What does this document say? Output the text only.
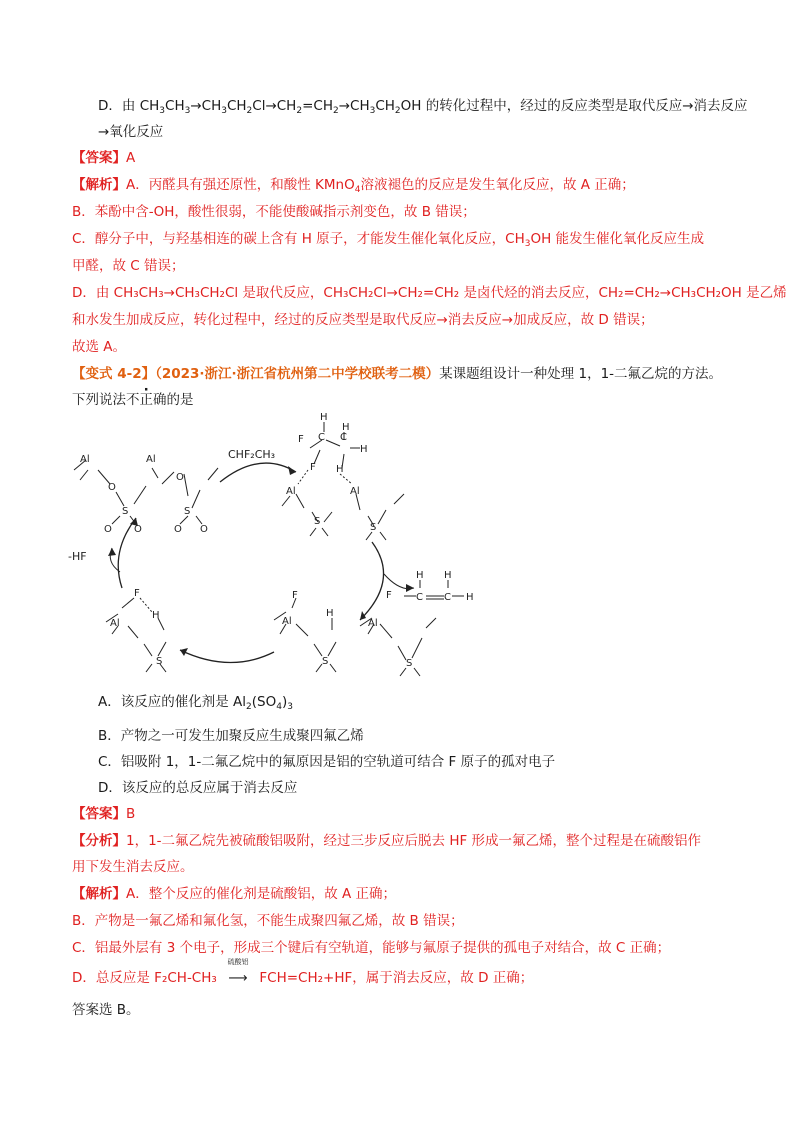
D．由 $CH_3CH_3\to CH_3CH_2Cl\to CH_2=CH_2\to CH_3CH_2OH$ 的转化过程中，经过的反应类型是取代反应→消去反应
→氧化反应
【答案】A
【解析】A．丙醛具有强还原性，和酸性 KMnO$_4$溶液褪色的反应是发生氧化反应，故 A 正确；
B．苯酚中含-OH，酸性很弱，不能使酸碱指示剂变色，故 B 错误；
C．醇分子中，与羟基相连的碳上含有 H 原子，才能发生催化氧化反应，$CH_3OH$ 能发生催化氧化反应生成
甲醛，故 C 错误；
D．由 CH₃CH₃→CH₃CH₂Cl 是取代反应，CH₃CH₂Cl→CH₂=CH₂ 是卤代烃的消去反应，CH₂=CH₂→CH₃CH₂OH 是乙烯
和水发生加成反应，转化过程中，经过的反应类型是取代反应→消去反应→加成反应，故 D 错误；
故选 A。
【变式 4-2】（2023·浙江·浙江省杭州第二中学校联考二模）某课题组设计一种处理 1，1-二氟乙烷的方法。
下列说法不正确的是
Al	Al
O
S	S
O
O O	O O
CHF₂CH₃
F C C
H
H
H
F H
Al	Al
S
S
F C C H
H H
-HF
F
Al
H
S
F
Al
H
S
Al
S
A．该反应的催化剂是 $Al_2(SO_4)_3$
B．产物之一可发生加聚反应生成聚四氟乙烯
C．铝吸附 1，1-二氟乙烷中的氟原因是铝的空轨道可结合 F 原子的孤对电子
D．该反应的总反应属于消去反应
【答案】B
【分析】1，1-二氟乙烷先被硫酸铝吸附，经过三步反应后脱去 HF 形成一氟乙烯，整个过程是在硫酸铝作
用下发生消去反应。
【解析】A．整个反应的催化剂是硫酸铝，故 A 正确；
B．产物是一氟乙烯和氟化氢，不能生成聚四氟乙烯，故 B 错误；
C．铝最外层有 3 个电子，形成三个键后有空轨道，能够与氟原子提供的孤电子对结合，故 C 正确；
D．总反应是 F₂CH-CH₃
硫酸铝
⟶ FCH=CH₂+HF，属于消去反应，故 D 正确；
答案选 B。
